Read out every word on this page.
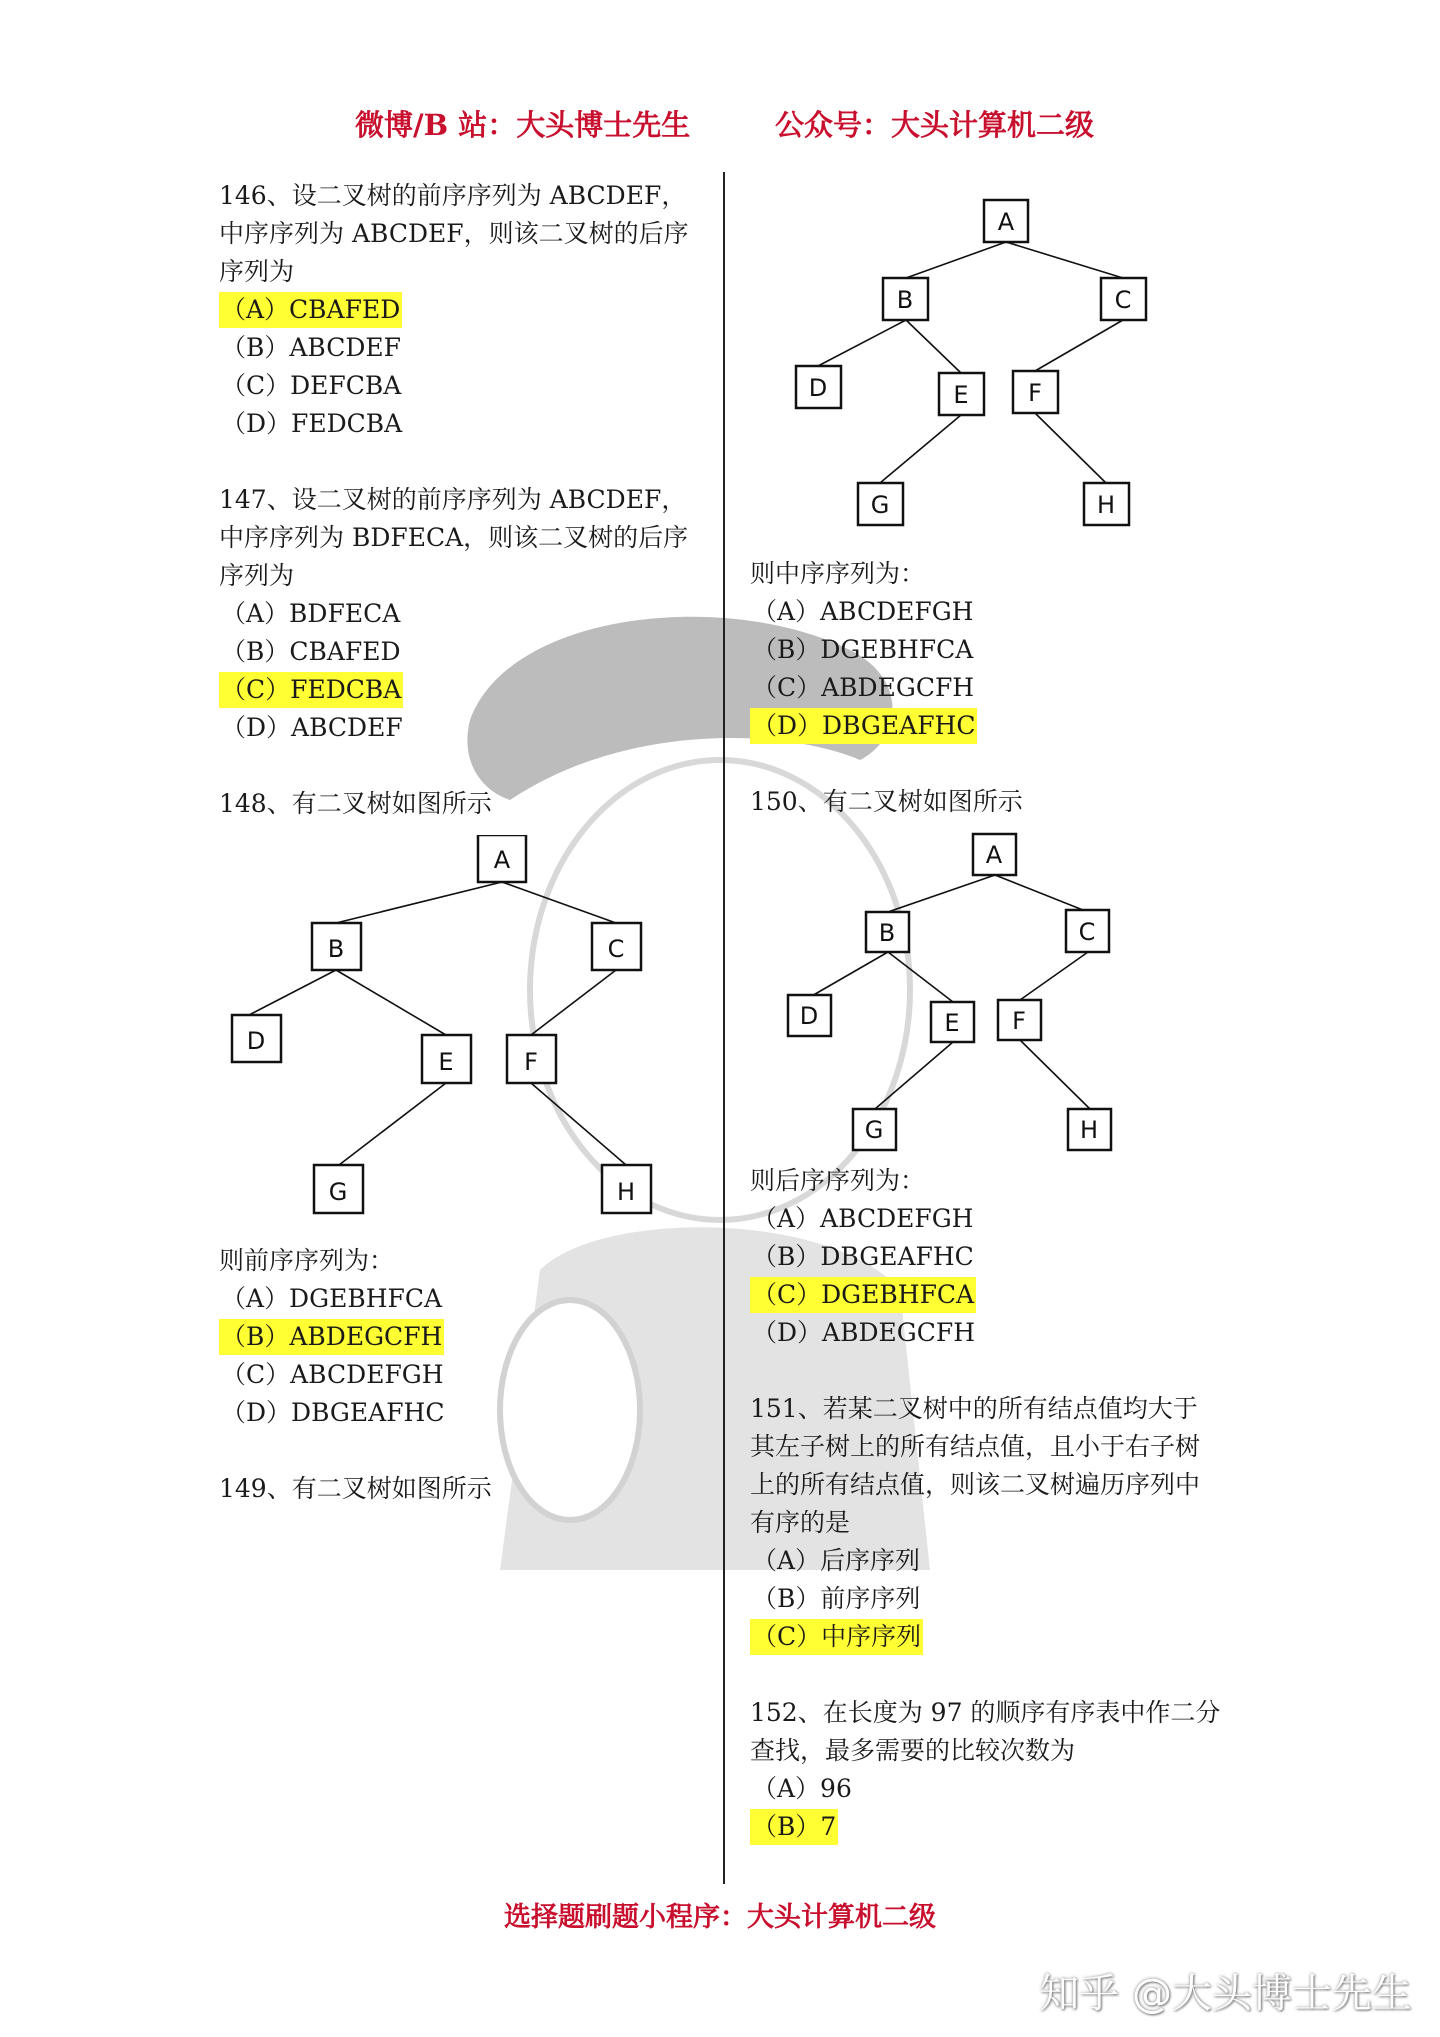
微博/B 站：大头博士先生	公众号：大头计算机二级
146、设二叉树的前序序列为 ABCDEF，
中序序列为 ABCDEF，则该二叉树的后序
序列为
（A）CBAFED
（B）ABCDEF
（C）DEFCBA
（D）FEDCBA
147、设二叉树的前序序列为 ABCDEF，
中序序列为 BDFECA，则该二叉树的后序
序列为
（A）BDFECA
（B）CBAFED
（C）FEDCBA
（D）ABCDEF
148、有二叉树如图所示
A
B	C
D
E	F
G	H
则前序序列为：
（A）DGEBHFCA
（B）ABDEGCFH
（C）ABCDEFGH
（D）DBGEAFHC
149、有二叉树如图所示
A
B	C
D	E F
G	H
则中序序列为：
（A）ABCDEFGH
（B）DGEBHFCA
（C）ABDEGCFH
（D）DBGEAFHC
150、有二叉树如图所示
A
B	C
D	E F
G	H
则后序序列为：
（A）ABCDEFGH
（B）DBGEAFHC
（C）DGEBHFCA
（D）ABDEGCFH
151、若某二叉树中的所有结点值均大于
其左子树上的所有结点值，且小于右子树
上的所有结点值，则该二叉树遍历序列中
有序的是
（A）后序序列
（B）前序序列
（C）中序序列
152、在长度为 97 的顺序有序表中作二分
查找，最多需要的比较次数为
（A）96
（B）7
选择题刷题小程序：大头计算机二级
知乎 @大头博士先生
